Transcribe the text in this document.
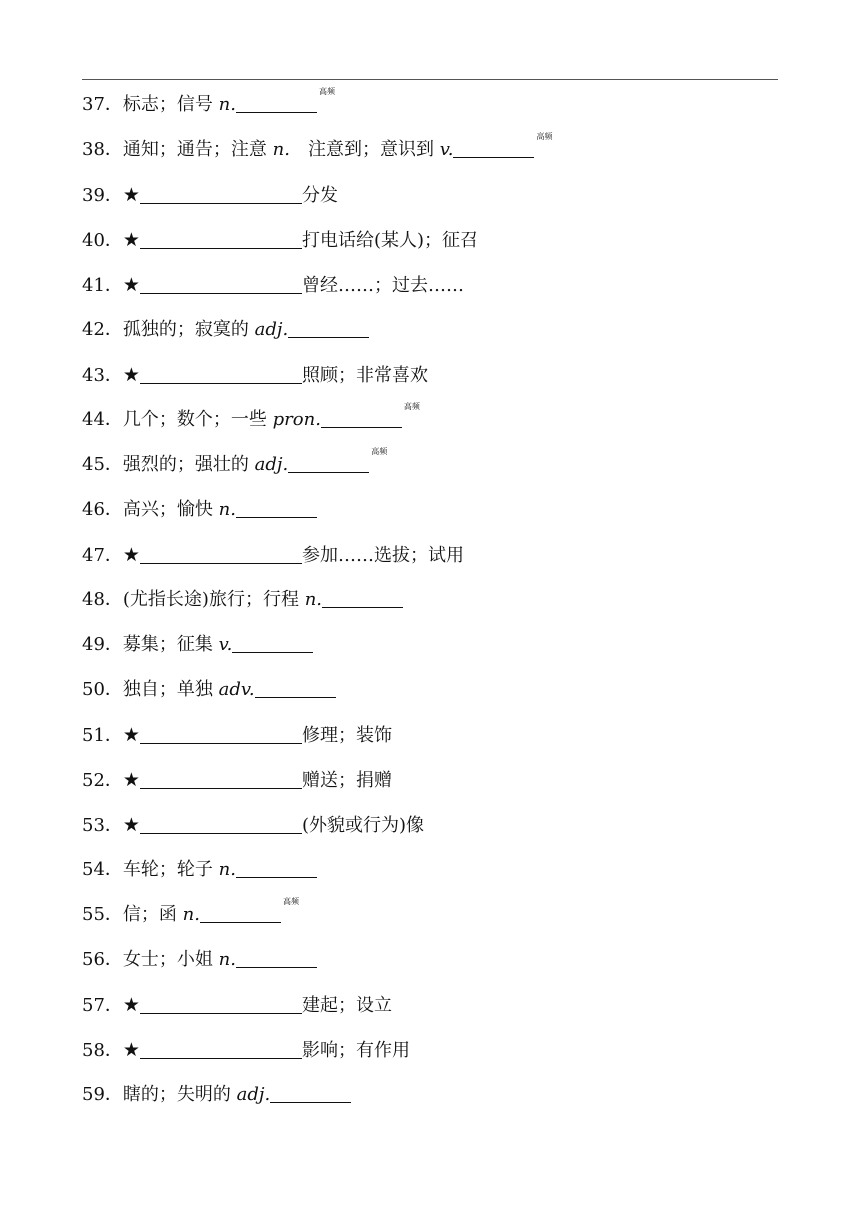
37．标志；信号 n.$^{高频}$
38．通知；通告；注意 n.  注意到；意识到 v.$^{高频}$
39．★	分发
40．★	打电话给(某人)；征召
41．★	曾经……；过去……
42．孤独的；寂寞的 adj.
43．★	照顾；非常喜欢
44．几个；数个；一些 pron.$^{高频}$
45．强烈的；强壮的 adj.$^{高频}$
46．高兴；愉快 n.
47．★	参加……选拔；试用
48．(尤指长途)旅行；行程 n.
49．募集；征集 v.
50．独自；单独 adv.
51．★	修理；装饰
52．★	赠送；捐赠
53．★	(外貌或行为)像
54．车轮；轮子 n.
55．信；函 n.$^{高频}$
56．女士；小姐 n.
57．★	建起；设立
58．★	影响；有作用
59．瞎的；失明的 adj.
